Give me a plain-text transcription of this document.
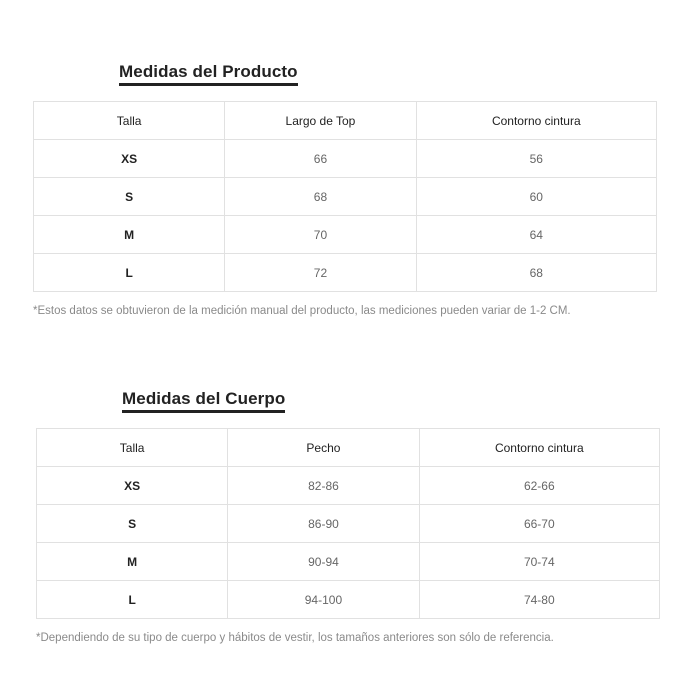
Medidas del Producto
Talla	Largo de Top	Contorno cintura
XS	66	56
S	68	60
M	70	64
L	72	68
*Estos datos se obtuvieron de la medición manual del producto, las mediciones pueden variar de 1-2 CM.
Medidas del Cuerpo
Talla	Pecho	Contorno cintura
XS	82-86	62-66
S	86-90	66-70
M	90-94	70-74
L	94-100	74-80
*Dependiendo de su tipo de cuerpo y hábitos de vestir, los tamaños anteriores son sólo de referencia.
